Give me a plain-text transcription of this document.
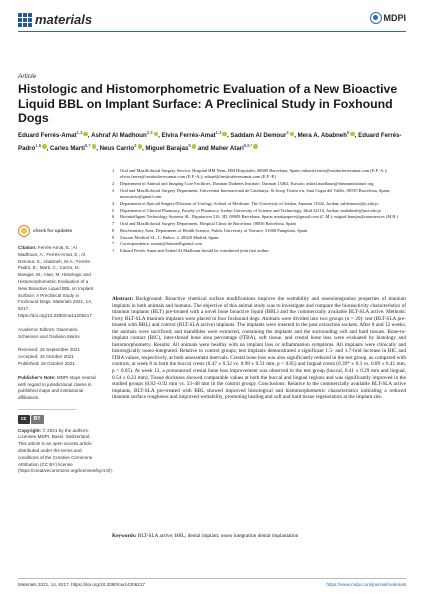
materials	MDPI
Article
Histologic and Histomorphometric Evaluation of a New Bioactive Liquid BBL on Implant Surface: A Preclinical Study in Foxhound Dogs
Eduard Ferrés-Amat$^{1,2}$ , Ashraf Al Madhoun$^{2,3}$ , Elvira Ferrés-Amat$^{1,3}$ , Saddam Al Demour$^4$ , Mera A. Ababneh$^5$ , Eduard Ferrés-Padró$^{1,6}$ , Carles Marti$^{6,7}$ , Neus Carrio$^3$ , Miguel Barajas$^8$ and Maher Atari$^{6,9,*}$
1	Oral and Maxillofacial Surgery Service, Hospital HM Nens, HM Hospitales, 08009 Barcelona, Spain; eduard.ferres@institutferresamat.com (E.F.-A.); elvira.ferres@institutferresamat.com (E.F.-A.); eduard@institutferresamat.com (E.F.-P.)
2	Department of Animal and Imaging Core Facilities, Dasman Diabetes Institute, Dasman 15462, Kuwait; ashraf.madhoun@dasmaninstitute.org
3	Oral and Maxillofacial Surgery Department, Universitat Internacional de Catalunya, St Josep Trueta s/n, Sant Cugat del Vallès, 08195 Barcelona, Spain; neuscarrio@gmail.com
4	Department of Special Surgery/Division of Urology, School of Medicine, The University of Jordan, Amman 11942, Jordan; saldemour@ju.edu.jo
5	Department of Clinical Pharmacy, Faculty of Pharmacy, Jordan University of Science and Technology, Irbid 22110, Jordan; mababneh@just.edu.jo
6	Bioinitelligent Technology Systems SL, Diputacion 316, 3D, 08009 Barcelona, Spain; martipapece@gmail.com (C.M.); miguel.barajas@unavarra.es (M.B.)
7	Oral and Maxillofacial Surgery Department, Hospital Clinic de Barcelona, 08036 Barcelona, Spain
8	Biochemistry Area, Department of Health Science, Public University of Navarre, 31008 Pamplona, Spain
9	Ziacom Medical SL, C. Buhos, 2, 28320 Madrid, Spain
*	Correspondence: matari@biointelligentsl.com
†	Eduard Ferrés-Amat and Ashraf Al Madhoun should be considered joint first author.
check for updates
Citation: Ferrés-Amat, E.; Al Madhoun, A.; Ferrés-Amat, E.; Al Demour, S.; Ababneh, M.A.; Ferrés-Padró, E.; Marti, C.; Carrio, N.; Barajas, M.; Atari, M. Histologic and Histomorphometric Evaluation of a New Bioactive Liquid BBL on Implant Surface: A Preclinical Study in Foxhound Dogs. Materials 2021, 14, 6217. https://doi.org/10.3390/ma14206217
Academic Editors: Gianmario Schierano and Giuliano Marini
Received: 15 September 2021
Accepted: 16 October 2021
Published: 19 October 2021
Publisher's Note: MDPI stays neutral with regard to jurisdictional claims in published maps and institutional affiliations.
cc	BY
Copyright: © 2021 by the authors. Licensee MDPI, Basel, Switzerland. This article is an open access article distributed under the terms and conditions of the Creative Commons Attribution (CC BY) license (https://creativecommons.org/licenses/by/4.0/).
Abstract: Background: Bioactive chemical surface modifications improve the wettability and osseointegration properties of titanium implants in both animals and humans. The objective of this animal study was to investigate and compare the bioreactivity characteristics of titanium implants (BLT) pre-treated with a novel bone bioactive liquid (BBL) and the commercially available BLT-SLA active. Methods: Forty BLT-SLA titanium implants were placed in four foxhound dogs. Animals were divided into two groups (n = 20): test (BLT-SLA pre-treated with BBL) and control (BLT-SLA active) implants. The implants were inserted in the post extraction sockets. After 8 and 12 weeks, the animals were sacrificed, and mandibles were extracted, containing the implants and the surrounding soft and hard tissues. Bone-to-implant contact (BIC), inter-thread bone area percentage (ITBA), soft tissue, and crestal bone loss were evaluated by histology and histomorphometry. Results: All animals were healthy with no implant loss or inflammation symptoms. All implants were clinically and histologically osseo-integrated. Relative to control groups, test implants demonstrated a significant 1.5- and 1.7-fold increase in BIC and ITBA values, respectively, at both assessment intervals. Crestal bone loss was also significantly reduced in the test group, as compared with controls, at week 8 in both the buccal crests (0.47 ± 0.32 vs. 0.98 ± 0.51 mm, p < 0.05) and lingual crests (0.39* ± 0.3 vs. 0.89 ± 0.41 mm, p < 0.05). At week 12, a pronounced crestal bone loss improvement was observed in the test group (buccal, 0.41 ± 0.29 mm and lingual, 0.54 ± 0.23 mm). Tissue thickness showed comparable values at both the buccal and lingual regions and was significantly improved in the studied groups (0.82–0.92 mm vs. 33–48 mm in the control group). Conclusions: Relative to the commercially available BLT-SLA active implants, BLT-SLA pre-treated with BBL showed improved histological and histomorphometric characteristics indicating a reduced titanium surface roughness and improved wettability, promoting healing and soft and hard tissue regeneration at the implant site.
Keywords: BLT-SLA active; BBL; dental implant; osseo integration dental implantation
Materials 2021, 14, 6217. https://doi.org/10.3390/ma14206217	https://www.mdpi.com/journal/materials
